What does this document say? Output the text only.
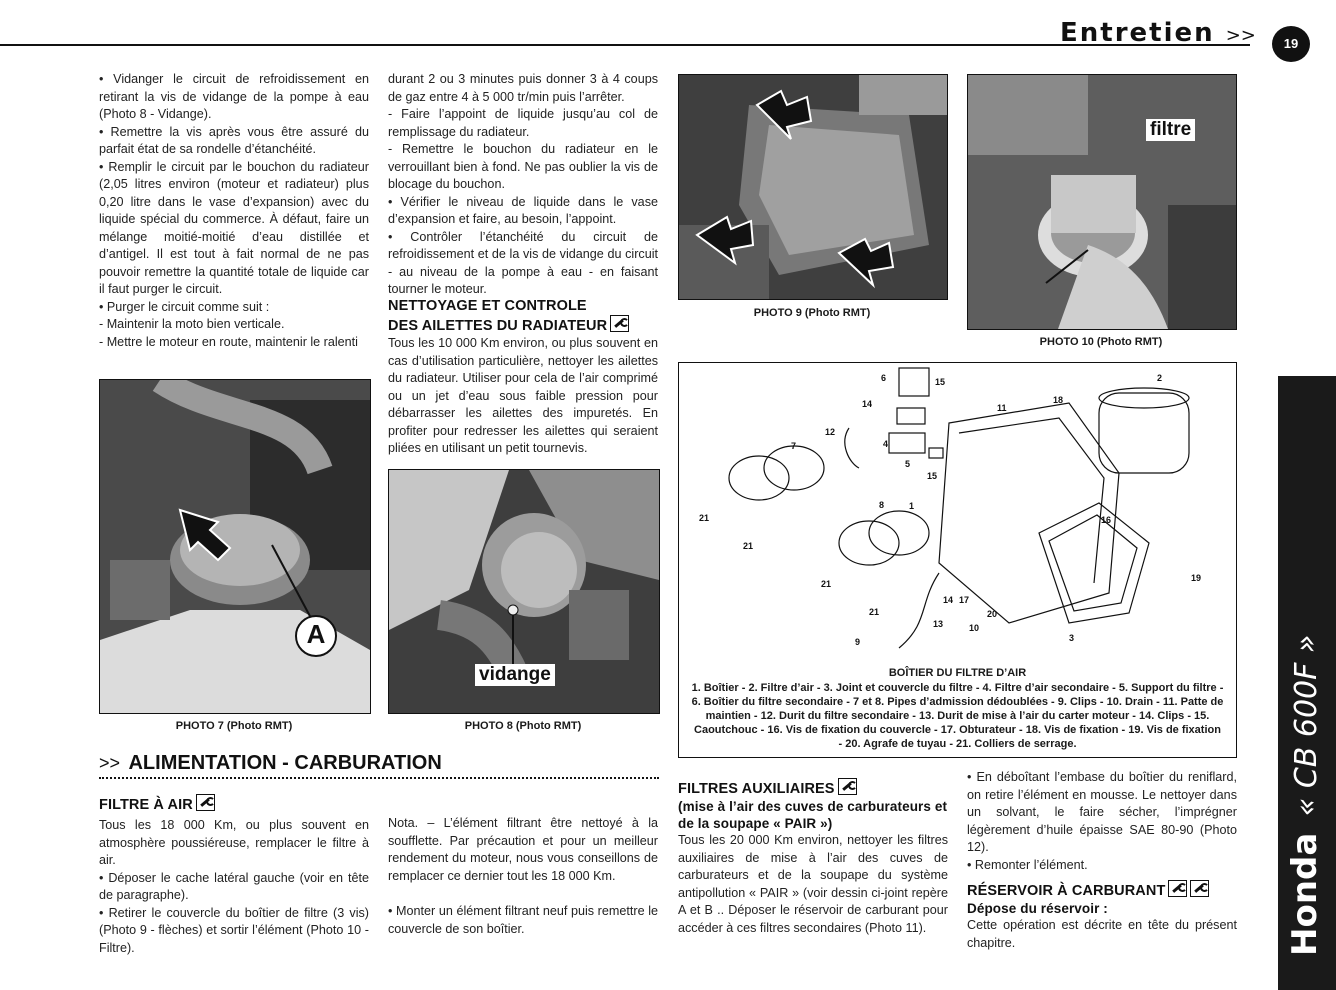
Entretien >>	19
Honda « CB 600F »

• Vidanger le circuit de refroidissement en retirant la vis de vidange de la pompe à eau (Photo 8 - Vidange).

• Remettre la vis après vous être assuré du parfait état de sa rondelle d’étanchéité.

• Remplir le circuit par le bouchon du radiateur (2,05 litres environ (moteur et radiateur) plus 0,20 litre dans le vase d’expansion) avec du liquide spécial du commerce. À défaut, faire un mélange moitié-moitié d’eau distillée et d’antigel. Il est tout à fait normal de ne pas pouvoir remettre la quantité totale de liquide car il faut purger le circuit.

• Purger le circuit comme suit :

- Maintenir la moto bien verticale.

- Mettre le moteur en route, maintenir le ralenti

durant 2 ou 3 minutes puis donner 3 à 4 coups de gaz entre 4 à 5 000 tr/min puis l’arrêter.

- Faire l’appoint de liquide jusqu’au col de remplissage du radiateur.

- Remettre le bouchon du radiateur en le verrouillant bien à fond. Ne pas oublier la vis de blocage du bouchon.

• Vérifier le niveau de liquide dans le vase d’expansion et faire, au besoin, l’appoint.

• Contrôler l’étanchéité du circuit de refroidissement et de la vis de vidange du circuit - au niveau de la pompe à eau - en faisant tourner le moteur.

NETTOYAGE ET CONTROLE
DES AILETTES DU RADIATEUR

Tous les 10 000 Km environ, ou plus souvent en cas d’utilisation particulière, nettoyer les ailettes du radiateur. Utiliser pour cela de l’air comprimé ou un jet d’eau sous faible pression pour débarrasser les ailettes des impuretés. En profiter pour redresser les ailettes qui seraient pliées en utilisant un petit tournevis.

A
PHOTO 7 (Photo RMT)
vidange
PHOTO 8 (Photo RMT)
PHOTO 9 (Photo RMT)
filtre
PHOTO 10 (Photo RMT)
6	15	2
14	18
11
12
4
7
5
15
8	1
21	16
21
21
19
14 17
21	20
13	10
3
9
BOÎTIER DU FILTRE D’AIR
1. Boîtier - 2. Filtre d’air - 3. Joint et couvercle du filtre - 4. Filtre d’air secondaire - 5. Support du filtre - 6. Boîtier du filtre secondaire - 7 et 8. Pipes d’admission dédoublées - 9. Clips - 10. Drain - 11. Patte de maintien - 12. Durit du filtre secondaire - 13. Durit de mise à l’air du carter moteur - 14. Clips - 15. Caoutchouc - 16. Vis de fixation du couvercle - 17. Obturateur - 18. Vis de fixation - 19. Vis de fixation - 20. Agrafe de tuyau - 21. Colliers de serrage.
>> ALIMENTATION - CARBURATION
FILTRE À AIR

Tous les 18 000 Km, ou plus souvent en atmosphère poussiéreuse, remplacer le filtre à air.

• Déposer le cache latéral gauche (voir en tête de paragraphe).

• Retirer le couvercle du boîtier de filtre (3 vis) (Photo 9 - flèches) et sortir l’élément (Photo 10 - Filtre).

Nota. – L’élément filtrant être nettoyé à la soufflette. Par précaution et pour un meilleur rendement du moteur, nous vous conseillons de remplacer ce dernier tout les 18 000 Km.

• Monter un élément filtrant neuf puis remettre le couvercle de son boîtier.

FILTRES AUXILIAIRES
(mise à l’air des cuves de carburateurs et de la soupape « PAIR »)

Tous les 20 000 Km environ, nettoyer les filtres auxiliaires de mise à l’air des cuves de carburateurs et de la soupape du système antipollution « PAIR » (voir dessin ci-joint repère A et B .. Déposer le réservoir de carburant pour accéder à ces filtres secondaires (Photo 11).

• En débοîtant l’embase du boîtier du reniflard, on retire l’élément en mousse. Le nettoyer dans un solvant, le faire sécher, l’imprégner légèrement d’huile épaisse SAE 80-90 (Photo 12).

• Remonter l’élément.

RÉSERVOIR À CARBURANT
Dépose du réservoir :

Cette opération est décrite en tête du présent chapitre.
